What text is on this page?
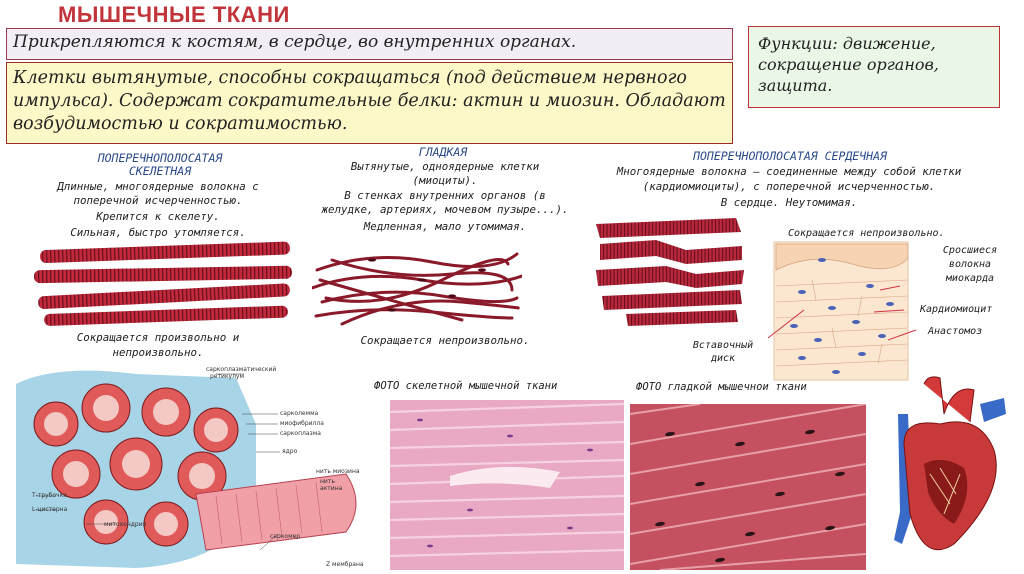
МЫШЕЧНЫЕ ТКАНИ
Прикрепляются к костям, в сердце, во внутренних органах.

Клетки вытянутые, способны сокращаться (под действием нервного импульса). Содержат сократительные белки: актин и миозин. Обладают возбудимостью и сократимостью.

Функции: движение, сокращение органов, защита.

ПОПЕРЕЧНОПОЛОСАТАЯ
СКЕЛЕТНАЯ
Длинные, многоядерные волокна с
поперечной исчерченностью.
Крепится к скелету.
Сильная, быстро утомляется.
Сокращается произвольно и
непроизвольно.
ГЛАДКАЯ
Вытянутые, одноядерные клетки
(миоциты).
В стенках внутренних органов (в
желудке, артериях, мочевом пузыре...).
Медленная, мало утомимая.
Сокращается непроизвольно.
ПОПЕРЕЧНОПОЛОСАТАЯ СЕРДЕЧНАЯ
Многоядерные волокна – соединенные между собой клетки
(кардиомиоциты), с поперечной исчерченностью.
В сердце. Неутомимая.
Сокращается непроизвольно.
Сросшиеся
волокна
миокарда
Кардиомиоцит
Анастомоз
Вставочный
диск
саркоплазматический
ретикулум
сарколемма
миофибрилла
саркоплазма
ядро
нить миозина
нить
актина
Т-трубочка
L-цистерна
митохондрия
саркомер
Z мембрана
ФОТО скелетной мышечной ткани	ФОТО гладкой мышечнои ткани
